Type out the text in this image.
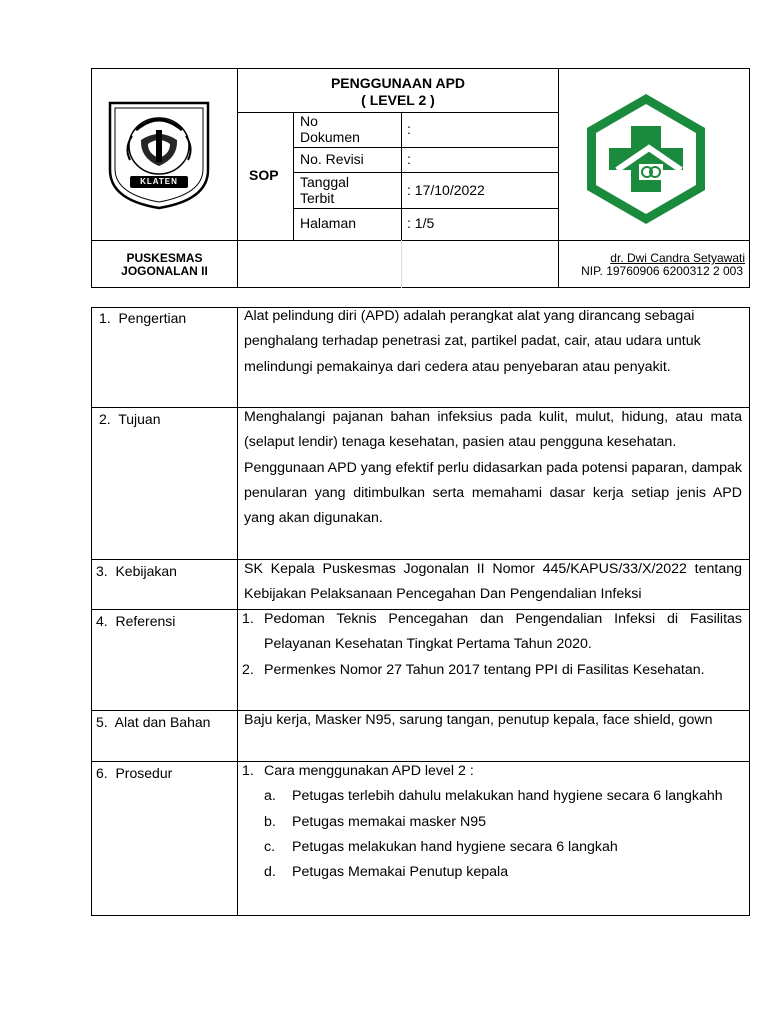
KLATEN
PENGGUNAAN APD
( LEVEL 2 )
SOP
No
Dokumen	:
No. Revisi	:
Tanggal
Terbit	: 17/10/2022
Halaman	: 1/5
PUSKESMAS
JOGONALAN II
dr. Dwi Candra Setyawati
NIP. 19760906 6200312 2 003
1.  Pengertian	Alat pelindung diri (APD) adalah perangkat alat yang dirancang sebagai penghalang terhadap penetrasi zat, partikel padat, cair, atau udara untuk melindungi pemakainya dari cedera atau penyebaran atau penyakit.
2.  Tujuan	Menghalangi pajanan bahan infeksius pada kulit, mulut, hidung, atau mata (selaput lendir) tenaga kesehatan, pasien atau pengguna kesehatan.

Penggunaan APD yang efektif perlu didasarkan pada potensi paparan, dampak penularan yang ditimbulkan serta memahami dasar kerja setiap jenis APD yang akan digunakan.

3.  Kebijakan	SK Kepala Puskesmas Jogonalan II Nomor 445/KAPUS/33/X/2022 tentang Kebijakan Pelaksanaan Pencegahan Dan Pengendalian Infeksi
4.  Referensi	1. Pedoman Teknis Pencegahan dan Pengendalian Infeksi di Fasilitas Pelayanan Kesehatan Tingkat Pertama Tahun 2020.
2. Permenkes Nomor 27 Tahun 2017 tentang PPI di Fasilitas Kesehatan.
5.  Alat dan Bahan Baju kerja, Masker N95, sarung tangan, penutup kepala, face shield, gown
6.  Prosedur	1. Cara menggunakan APD level 2 :
a. Petugas terlebih dahulu melakukan hand hygiene secara 6 langkahh
b. Petugas memakai masker N95
c. Petugas melakukan hand hygiene secara 6 langkah
d. Petugas Memakai Penutup kepala
